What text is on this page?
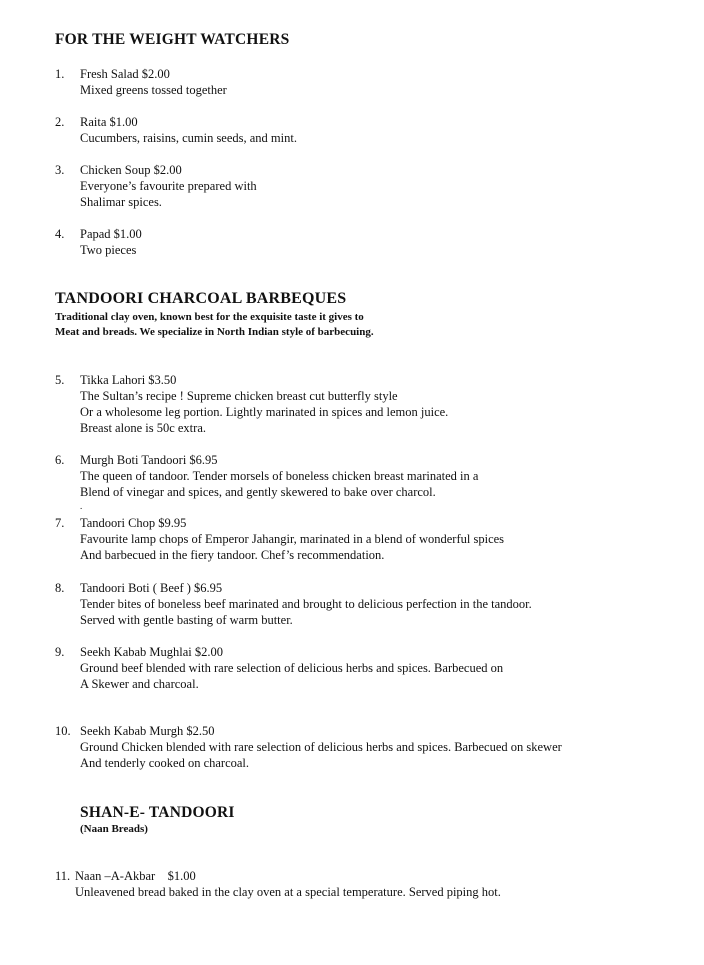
FOR THE WEIGHT WATCHERS
1. Fresh Salad $2.00
Mixed greens tossed together
2. Raita $1.00
Cucumbers, raisins, cumin seeds, and mint.
3. Chicken Soup $2.00
Everyone’s favourite prepared with
Shalimar spices.
4. Papad $1.00
Two pieces
TANDOORI CHARCOAL BARBEQUES
Traditional clay oven, known best for the exquisite taste it gives to
Meat and breads. We specialize in North Indian style of barbecuing.
5. Tikka Lahori $3.50
The Sultan’s recipe ! Supreme chicken breast cut butterfly style
Or a wholesome leg portion. Lightly marinated in spices and lemon juice.
Breast alone is 50c extra.
6. Murgh Boti Tandoori $6.95
The queen of tandoor. Tender morsels of boneless chicken breast marinated in a
Blend of vinegar and spices, and gently skewered to bake over charcol.
.
7. Tandoori Chop $9.95
Favourite lamp chops of Emperor Jahangir, marinated in a blend of wonderful spices
And barbecued in the fiery tandoor. Chef’s recommendation.
8. Tandoori Boti ( Beef ) $6.95
Tender bites of boneless beef marinated and brought to delicious perfection in the tandoor.
Served with gentle basting of warm butter.
9. Seekh Kabab Mughlai $2.00
Ground beef blended with rare selection of delicious herbs and spices. Barbecued on
A Skewer and charcoal.
10. Seekh Kabab Murgh $2.50
Ground Chicken blended with rare selection of delicious herbs and spices. Barbecued on skewer
And tenderly cooked on charcoal.
SHAN-E- TANDOORI
(Naan Breads)
11. Naan –A-Akbar    $1.00
Unleavened bread baked in the clay oven at a special temperature. Served piping hot.
